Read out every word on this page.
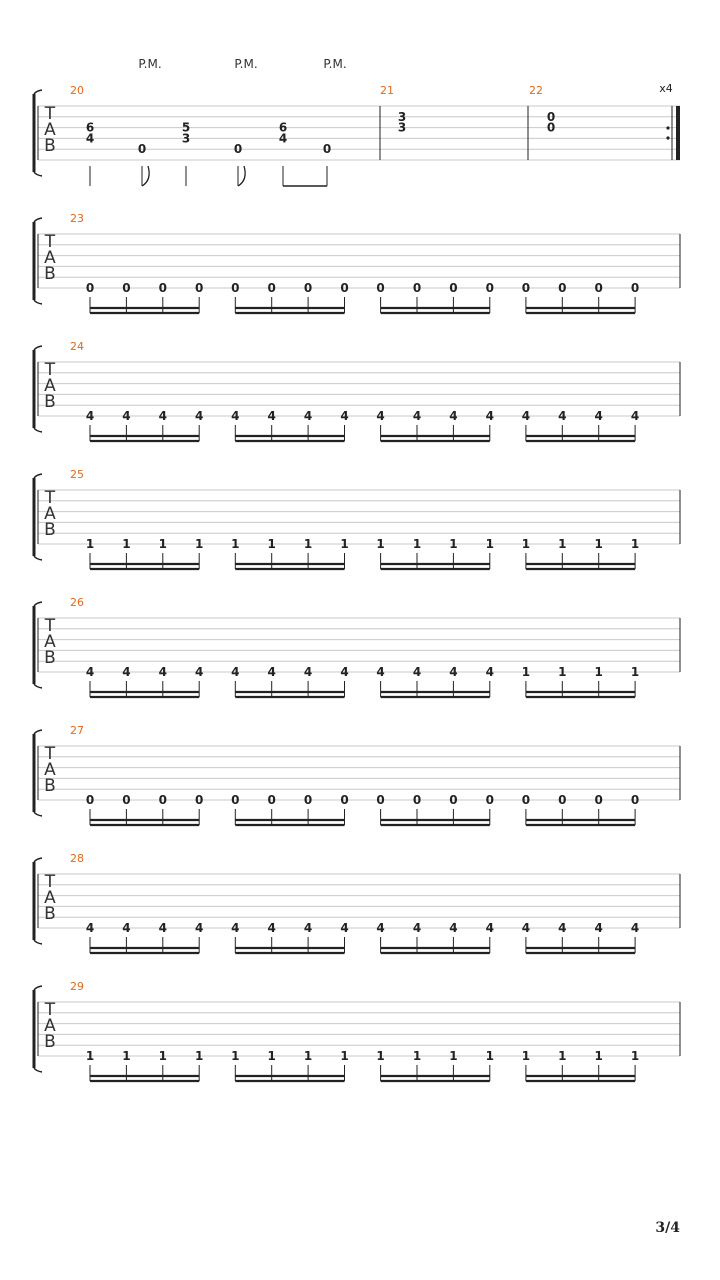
T
A
B
P.M.	P.M.	P.M.
20	21	22	x4
6
4
0
5
3
0
6
4
0
3
3
0
0
T
A
B
23
0 0 0 0 0 0 0 0 0 0 0 0 0 0 0 0
T
A
B
24
4 4 4 4 4 4 4 4 4 4 4 4 4 4 4 4
T
A
B
25
1 1 1 1 1 1 1 1 1 1 1 1 1 1 1 1
T
A
B
26
4 4 4 4 4 4 4 4 4 4 4 4 1 1 1 1
T
A
B
27
0 0 0 0 0 0 0 0 0 0 0 0 0 0 0 0
T
A
B
28
4 4 4 4 4 4 4 4 4 4 4 4 4 4 4 4
T
A
B
29
1 1 1 1 1 1 1 1 1 1 1 1 1 1 1 1
3/4
